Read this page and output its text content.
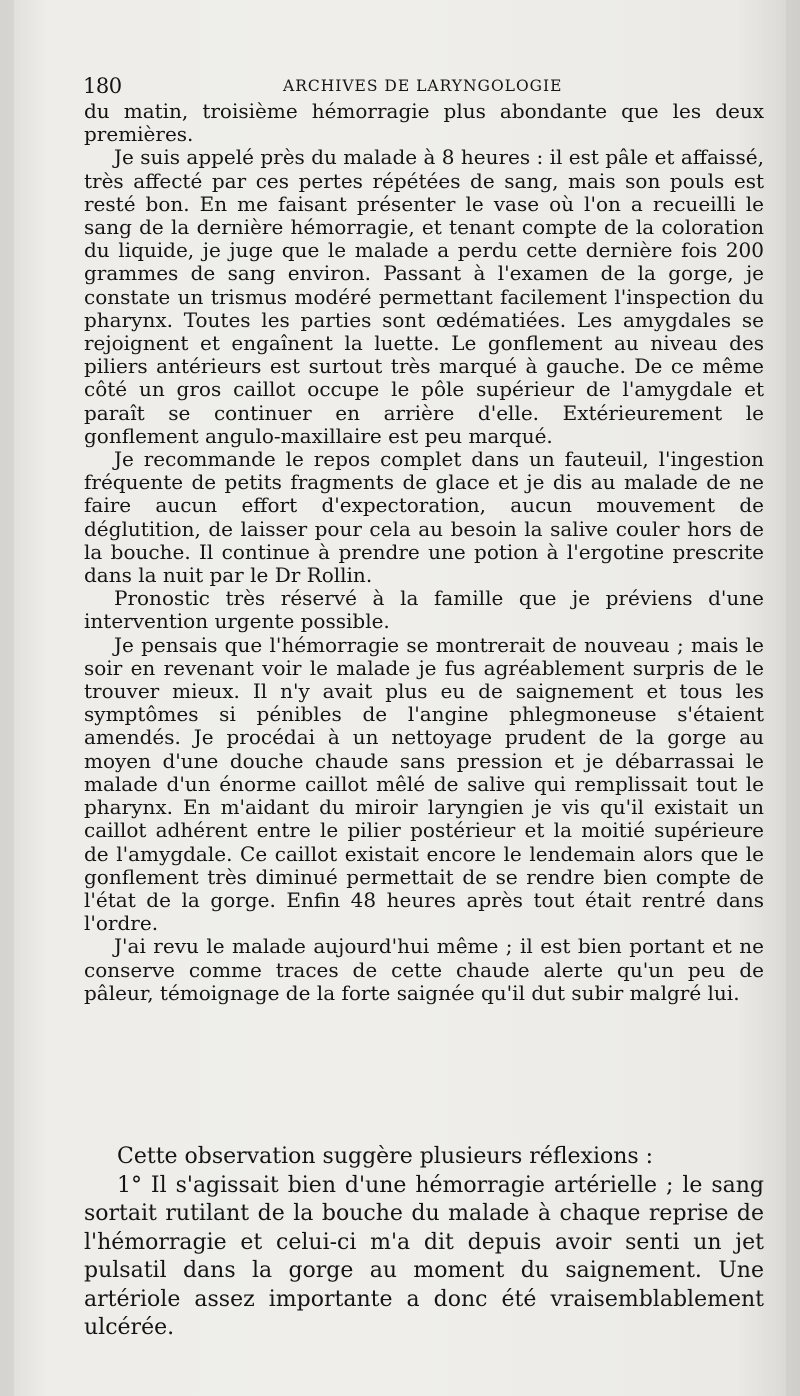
180	ARCHIVES DE LARYNGOLOGIE

du matin, troisième hémorragie plus abondante que les deux premières.

Je suis appelé près du malade à 8 heures : il est pâle et affaissé, très affecté par ces pertes répétées de sang, mais son pouls est resté bon. En me faisant présenter le vase où l'on a recueilli le sang de la dernière hémorragie, et tenant compte de la coloration du liquide, je juge que le malade a perdu cette dernière fois 200 grammes de sang environ. Passant à l'examen de la gorge, je constate un trismus modéré permettant facilement l'inspection du pharynx. Toutes les parties sont œdématiées. Les amygdales se rejoignent et engaînent la luette. Le gonflement au niveau des piliers antérieurs est surtout très marqué à gauche. De ce même côté un gros caillot occupe le pôle supérieur de l'amygdale et paraît se continuer en arrière d'elle. Extérieurement le gonflement angulo-maxillaire est peu marqué.

Je recommande le repos complet dans un fauteuil, l'ingestion fréquente de petits fragments de glace et je dis au malade de ne faire aucun effort d'expectoration, aucun mouvement de déglutition, de laisser pour cela au besoin la salive couler hors de la bouche. Il continue à prendre une potion à l'ergotine prescrite dans la nuit par le Dr Rollin.

Pronostic très réservé à la famille que je préviens d'une intervention urgente possible.

Je pensais que l'hémorragie se montrerait de nouveau ; mais le soir en revenant voir le malade je fus agréablement surpris de le trouver mieux. Il n'y avait plus eu de saignement et tous les symptômes si pénibles de l'angine phlegmoneuse s'étaient amendés. Je procédai à un nettoyage prudent de la gorge au moyen d'une douche chaude sans pression et je débarrassai le malade d'un énorme caillot mêlé de salive qui remplissait tout le pharynx. En m'aidant du miroir laryngien je vis qu'il existait un caillot adhérent entre le pilier postérieur et la moitié supérieure de l'amygdale. Ce caillot existait encore le lendemain alors que le gonflement très diminué permettait de se rendre bien compte de l'état de la gorge. Enfin 48 heures après tout était rentré dans l'ordre.

J'ai revu le malade aujourd'hui même ; il est bien portant et ne conserve comme traces de cette chaude alerte qu'un peu de pâleur, témoignage de la forte saignée qu'il dut subir malgré lui.

Cette observation suggère plusieurs réflexions :

1° Il s'agissait bien d'une hémorragie artérielle ; le sang sortait rutilant de la bouche du malade à chaque reprise de l'hémorragie et celui-ci m'a dit depuis avoir senti un jet pulsatil dans la gorge au moment du saignement. Une artériole assez importante a donc été vraisemblablement ulcérée.
